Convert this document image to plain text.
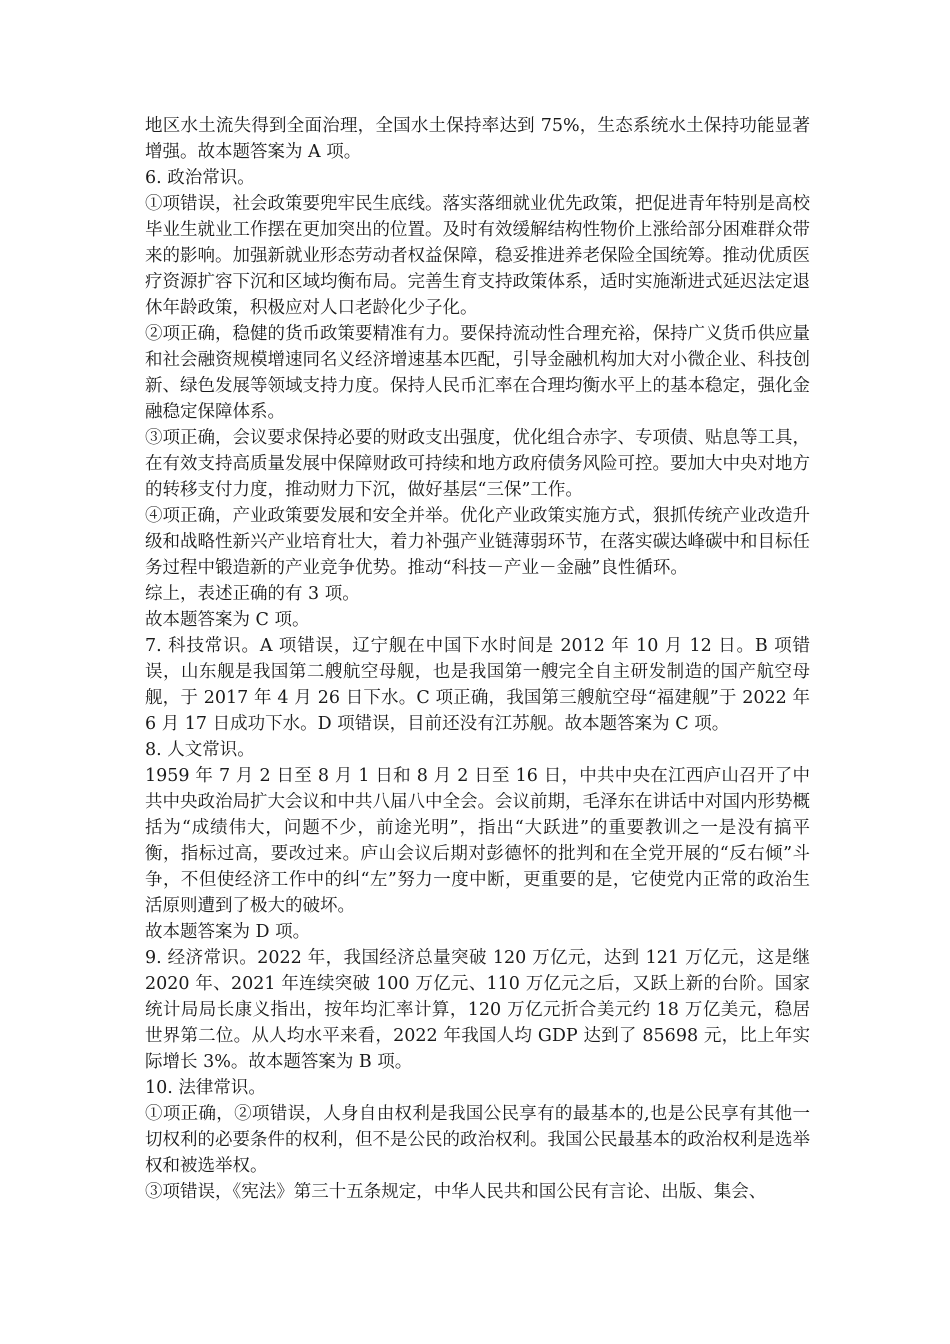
地区水土流失得到全面治理，全国水土保持率达到 75%，生态系统水土保持功能显著增强。故本题答案为 A 项。

6. 政治常识。

①项错误，社会政策要兜牢民生底线。落实落细就业优先政策，把促进青年特别是高校毕业生就业工作摆在更加突出的位置。及时有效缓解结构性物价上涨给部分困难群众带来的影响。加强新就业形态劳动者权益保障，稳妥推进养老保险全国统筹。推动优质医疗资源扩容下沉和区域均衡布局。完善生育支持政策体系，适时实施渐进式延迟法定退休年龄政策，积极应对人口老龄化少子化。

②项正确，稳健的货币政策要精准有力。要保持流动性合理充裕，保持广义货币供应量和社会融资规模增速同名义经济增速基本匹配，引导金融机构加大对小微企业、科技创新、绿色发展等领域支持力度。保持人民币汇率在合理均衡水平上的基本稳定，强化金融稳定保障体系。

③项正确，会议要求保持必要的财政支出强度，优化组合赤字、专项债、贴息等工具，在有效支持高质量发展中保障财政可持续和地方政府债务风险可控。要加大中央对地方的转移支付力度，推动财力下沉，做好基层“三保”工作。

④项正确，产业政策要发展和安全并举。优化产业政策实施方式，狠抓传统产业改造升级和战略性新兴产业培育壮大，着力补强产业链薄弱环节，在落实碳达峰碳中和目标任务过程中锻造新的产业竞争优势。推动“科技－产业－金融”良性循环。

综上，表述正确的有 3 项。

故本题答案为 C 项。

7. 科技常识。A 项错误，辽宁舰在中国下水时间是 2012 年 10 月 12 日。B 项错误，山东舰是我国第二艘航空母舰，也是我国第一艘完全自主研发制造的国产航空母舰，于 2017 年 4 月 26 日下水。C 项正确，我国第三艘航空母“福建舰”于 2022 年 6 月 17 日成功下水。D 项错误，目前还没有江苏舰。故本题答案为 C 项。

8. 人文常识。

1959 年 7 月 2 日至 8 月 1 日和 8 月 2 日至 16 日，中共中央在江西庐山召开了中共中央政治局扩大会议和中共八届八中全会。会议前期，毛泽东在讲话中对国内形势概括为“成绩伟大，问题不少，前途光明”，指出“大跃进”的重要教训之一是没有搞平衡，指标过高，要改过来。庐山会议后期对彭德怀的批判和在全党开展的“反右倾”斗争，不但使经济工作中的纠“左”努力一度中断，更重要的是，它使党内正常的政治生活原则遭到了极大的破坏。

故本题答案为 D 项。

9. 经济常识。2022 年，我国经济总量突破 120 万亿元，达到 121 万亿元，这是继 2020 年、2021 年连续突破 100 万亿元、110 万亿元之后，又跃上新的台阶。国家统计局局长康义指出，按年均汇率计算，120 万亿元折合美元约 18 万亿美元，稳居世界第二位。从人均水平来看，2022 年我国人均 GDP 达到了 85698 元，比上年实际增长 3%。故本题答案为 B 项。

10. 法律常识。

①项正确，②项错误，人身自由权利是我国公民享有的最基本的,也是公民享有其他一切权利的必要条件的权利，但不是公民的政治权利。我国公民最基本的政治权利是选举权和被选举权。

③项错误，《宪法》第三十五条规定，中华人民共和国公民有言论、出版、集会、
